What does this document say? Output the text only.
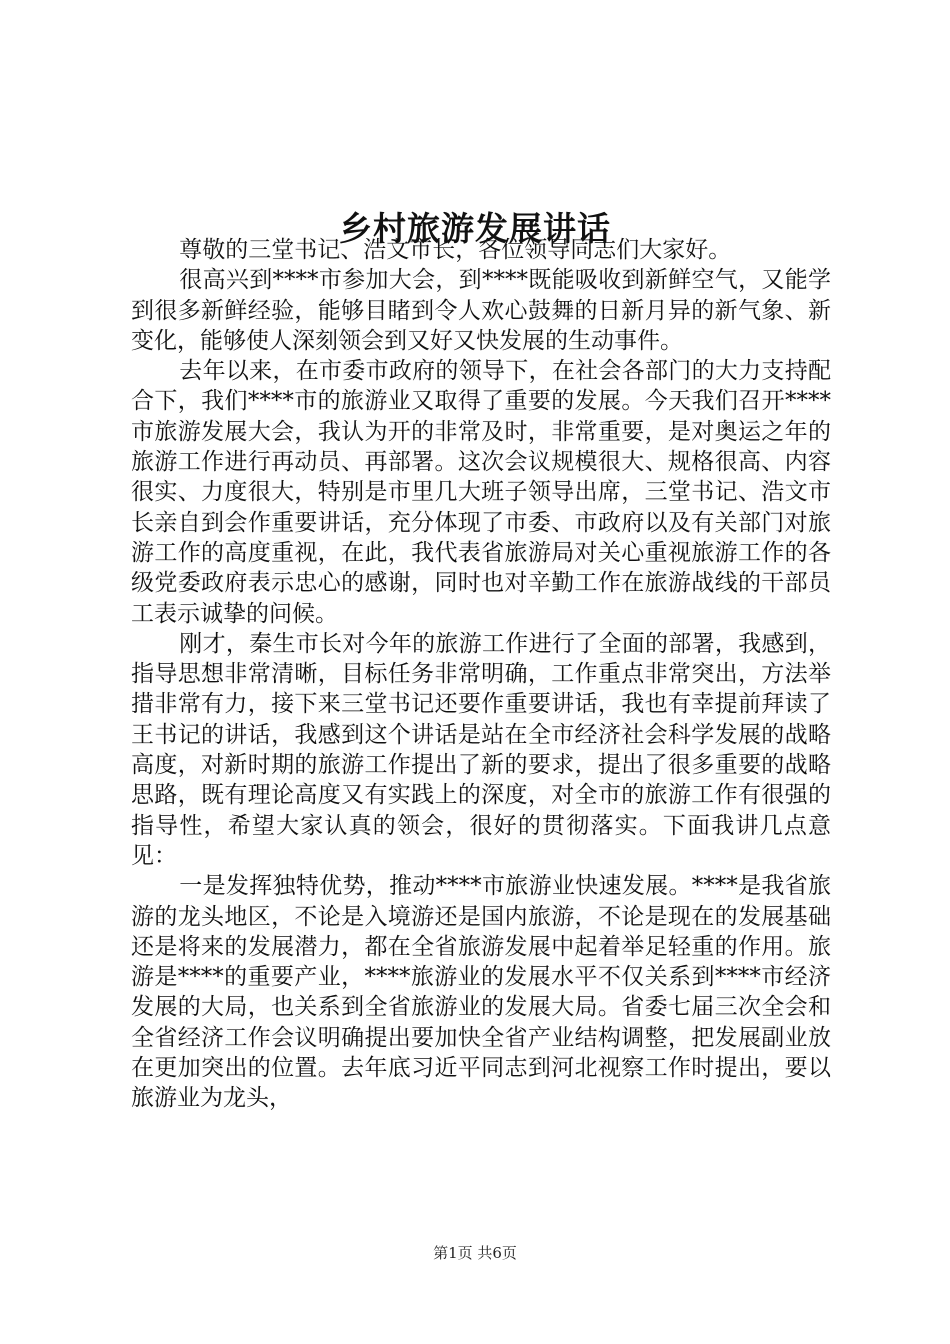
乡村旅游发展讲话

尊敬的三堂书记、浩文市长，各位领导同志们大家好。

很高兴到****市参加大会，到****既能吸收到新鲜空气，又能学到很多新鲜经验，能够目睹到令人欢心鼓舞的日新月异的新气象、新变化，能够使人深刻领会到又好又快发展的生动事件。

去年以来，在市委市政府的领导下，在社会各部门的大力支持配合下，我们****市的旅游业又取得了重要的发展。今天我们召开****市旅游发展大会，我认为开的非常及时，非常重要，是对奥运之年的旅游工作进行再动员、再部署。这次会议规模很大、规格很高、内容很实、力度很大，特别是市里几大班子领导出席，三堂书记、浩文市长亲自到会作重要讲话，充分体现了市委、市政府以及有关部门对旅游工作的高度重视，在此，我代表省旅游局对关心重视旅游工作的各级党委政府表示忠心的感谢，同时也对辛勤工作在旅游战线的干部员工表示诚挚的问候。

刚才，秦生市长对今年的旅游工作进行了全面的部署，我感到，指导思想非常清晰，目标任务非常明确，工作重点非常突出，方法举措非常有力，接下来三堂书记还要作重要讲话，我也有幸提前拜读了王书记的讲话，我感到这个讲话是站在全市经济社会科学发展的战略高度，对新时期的旅游工作提出了新的要求，提出了很多重要的战略思路，既有理论高度又有实践上的深度，对全市的旅游工作有很强的指导性，希望大家认真的领会，很好的贯彻落实。下面我讲几点意见：

一是发挥独特优势，推动****市旅游业快速发展。****是我省旅游的龙头地区，不论是入境游还是国内旅游，不论是现在的发展基础还是将来的发展潜力，都在全省旅游发展中起着举足轻重的作用。旅游是****的重要产业，****旅游业的发展水平不仅关系到****市经济发展的大局，也关系到全省旅游业的发展大局。省委七届三次全会和全省经济工作会议明确提出要加快全省产业结构调整，把发展副业放在更加突出的位置。去年底习近平同志到河北视察工作时提出，要以旅游业为龙头，

第1页 共6页
